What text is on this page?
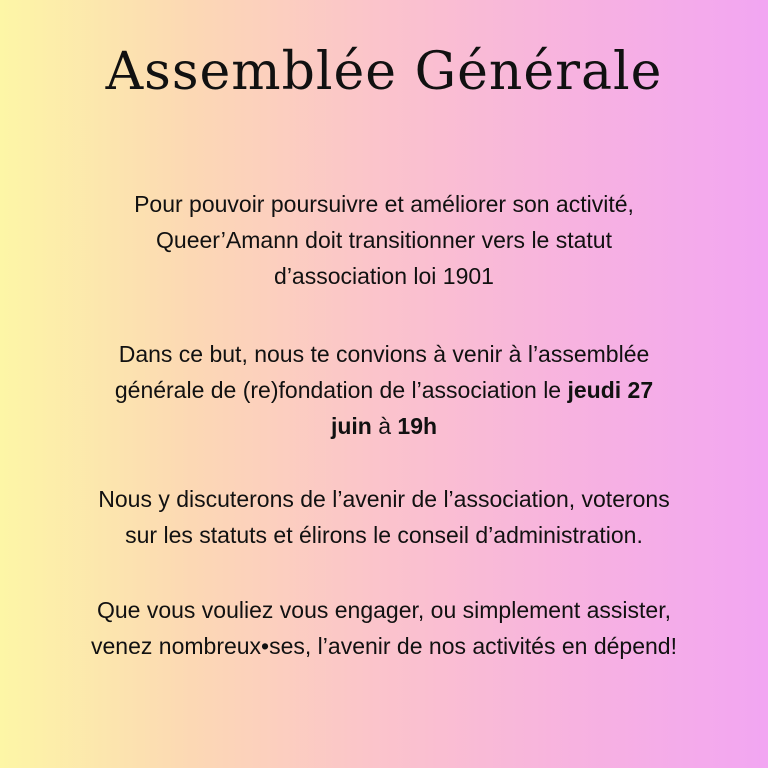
Assemblée Générale

Pour pouvoir poursuivre et améliorer son activité,
Queer’Amann doit transitionner vers le statut
d’association loi 1901

Dans ce but, nous te convions à venir à l’assemblée
générale de (re)fondation de l’association le jeudi 27
juin à 19h

Nous y discuterons de l’avenir de l’association, voterons
sur les statuts et élirons le conseil d’administration.

Que vous vouliez vous engager, ou simplement assister,
venez nombreux•ses, l’avenir de nos activités en dépend!
